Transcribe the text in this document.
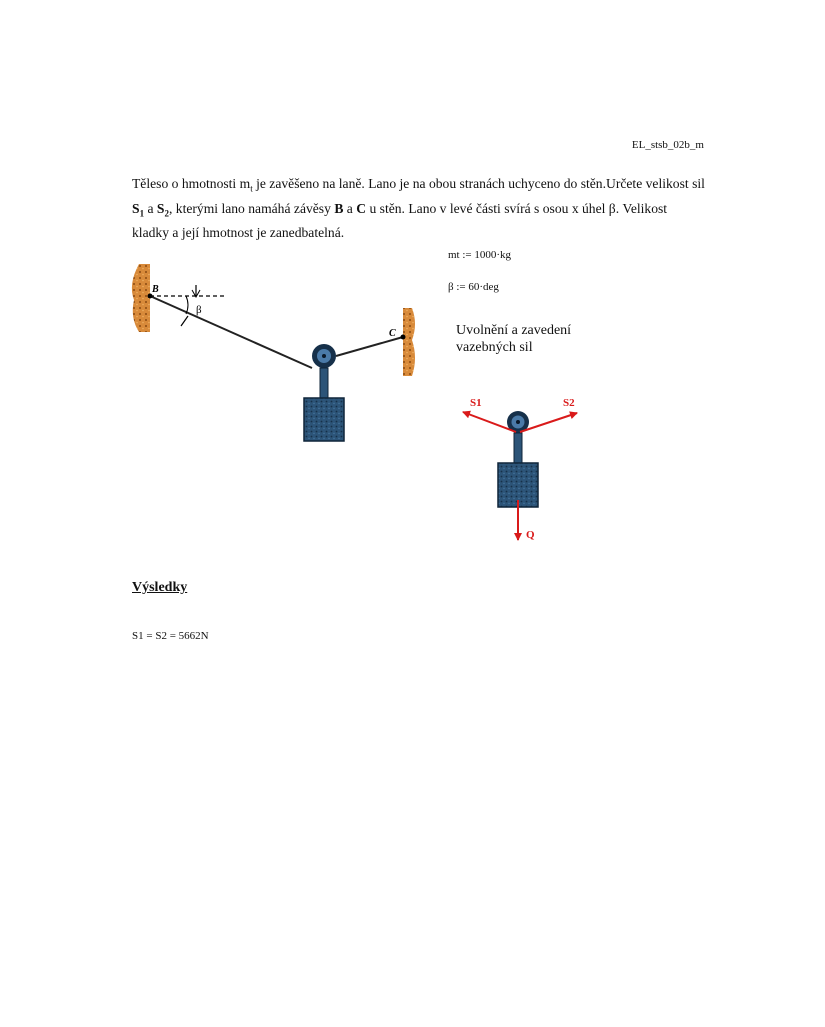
EL_stsb_02b_m
Těleso o hmotnosti $m_t$ je zavěšeno na laně. Lano je na obou stranách uchyceno do stěn.Určete velikost sil $S_1$ a $S_2$, kterými lano namáhá závěsy B a C u stěn. Lano v levé části svírá s osou x úhel β. Velikost kladky a její hmotnost je zanedbatelná.
mt := 1000·kg
β := 60·deg
B
C
β
S1	S2
Q
Uvolnění a zavedení vazebných sil
Výsledky
S1 = S2 = 5662N
